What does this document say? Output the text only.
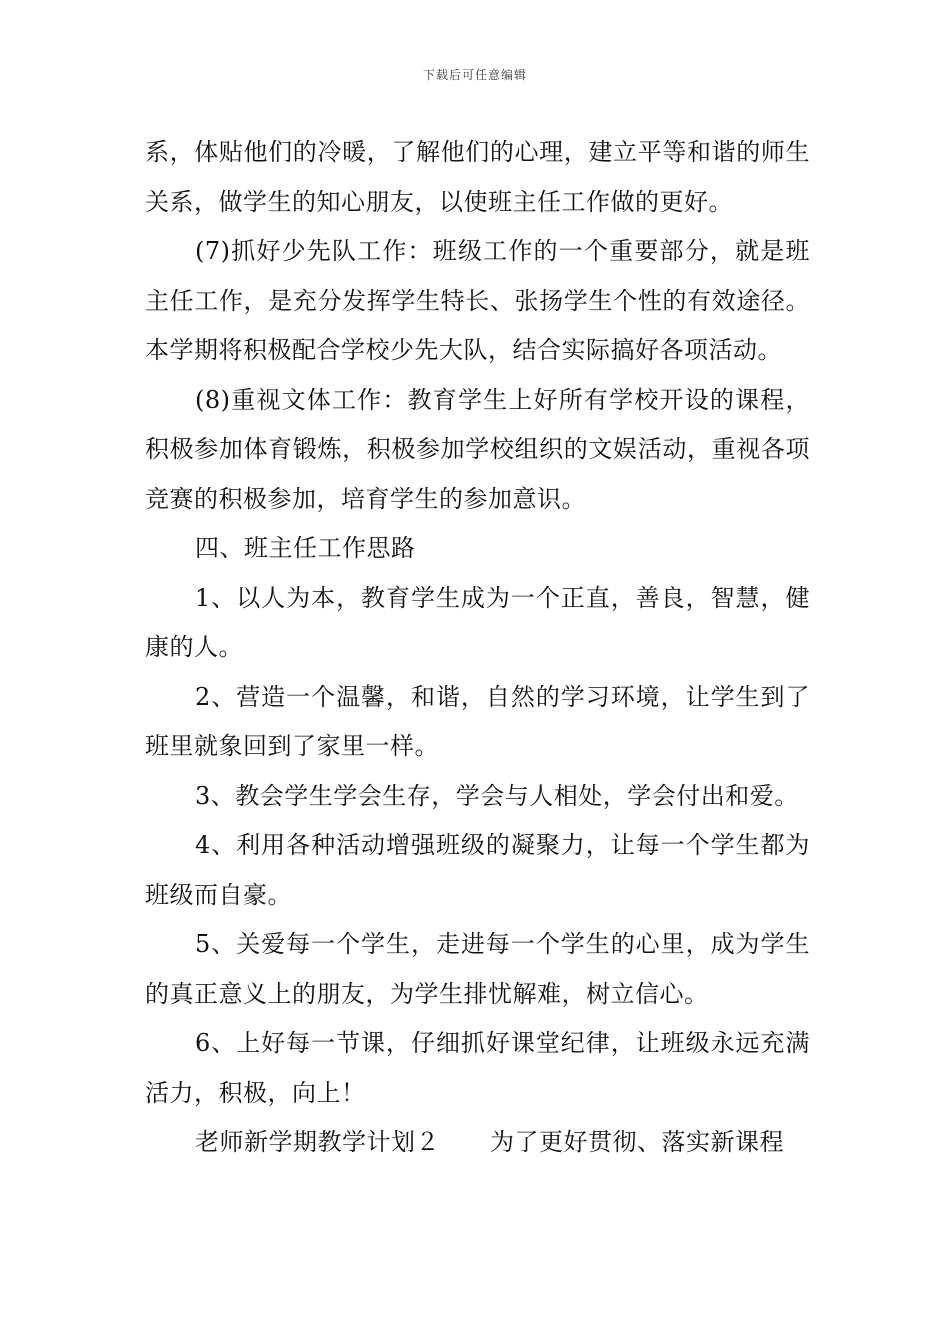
下载后可任意编辑

系，体贴他们的冷暖，了解他们的心理，建立平等和谐的师生关系，做学生的知心朋友，以使班主任工作做的更好。

(7)抓好少先队工作：班级工作的一个重要部分，就是班主任工作，是充分发挥学生特长、张扬学生个性的有效途径。本学期将积极配合学校少先大队，结合实际搞好各项活动。

(8)重视文体工作：教育学生上好所有学校开设的课程，积极参加体育锻炼，积极参加学校组织的文娱活动，重视各项竞赛的积极参加，培育学生的参加意识。

四、班主任工作思路

1、以人为本，教育学生成为一个正直，善良，智慧，健康的人。

2、营造一个温馨，和谐，自然的学习环境，让学生到了班里就象回到了家里一样。

3、教会学生学会生存，学会与人相处，学会付出和爱。

4、利用各种活动增强班级的凝聚力，让每一个学生都为班级而自豪。

5、关爱每一个学生，走进每一个学生的心里，成为学生的真正意义上的朋友，为学生排忧解难，树立信心。

6、上好每一节课，仔细抓好课堂纪律，让班级永远充满活力，积极，向上！

老师新学期教学计划２ 为了更好贯彻、落实新课程
